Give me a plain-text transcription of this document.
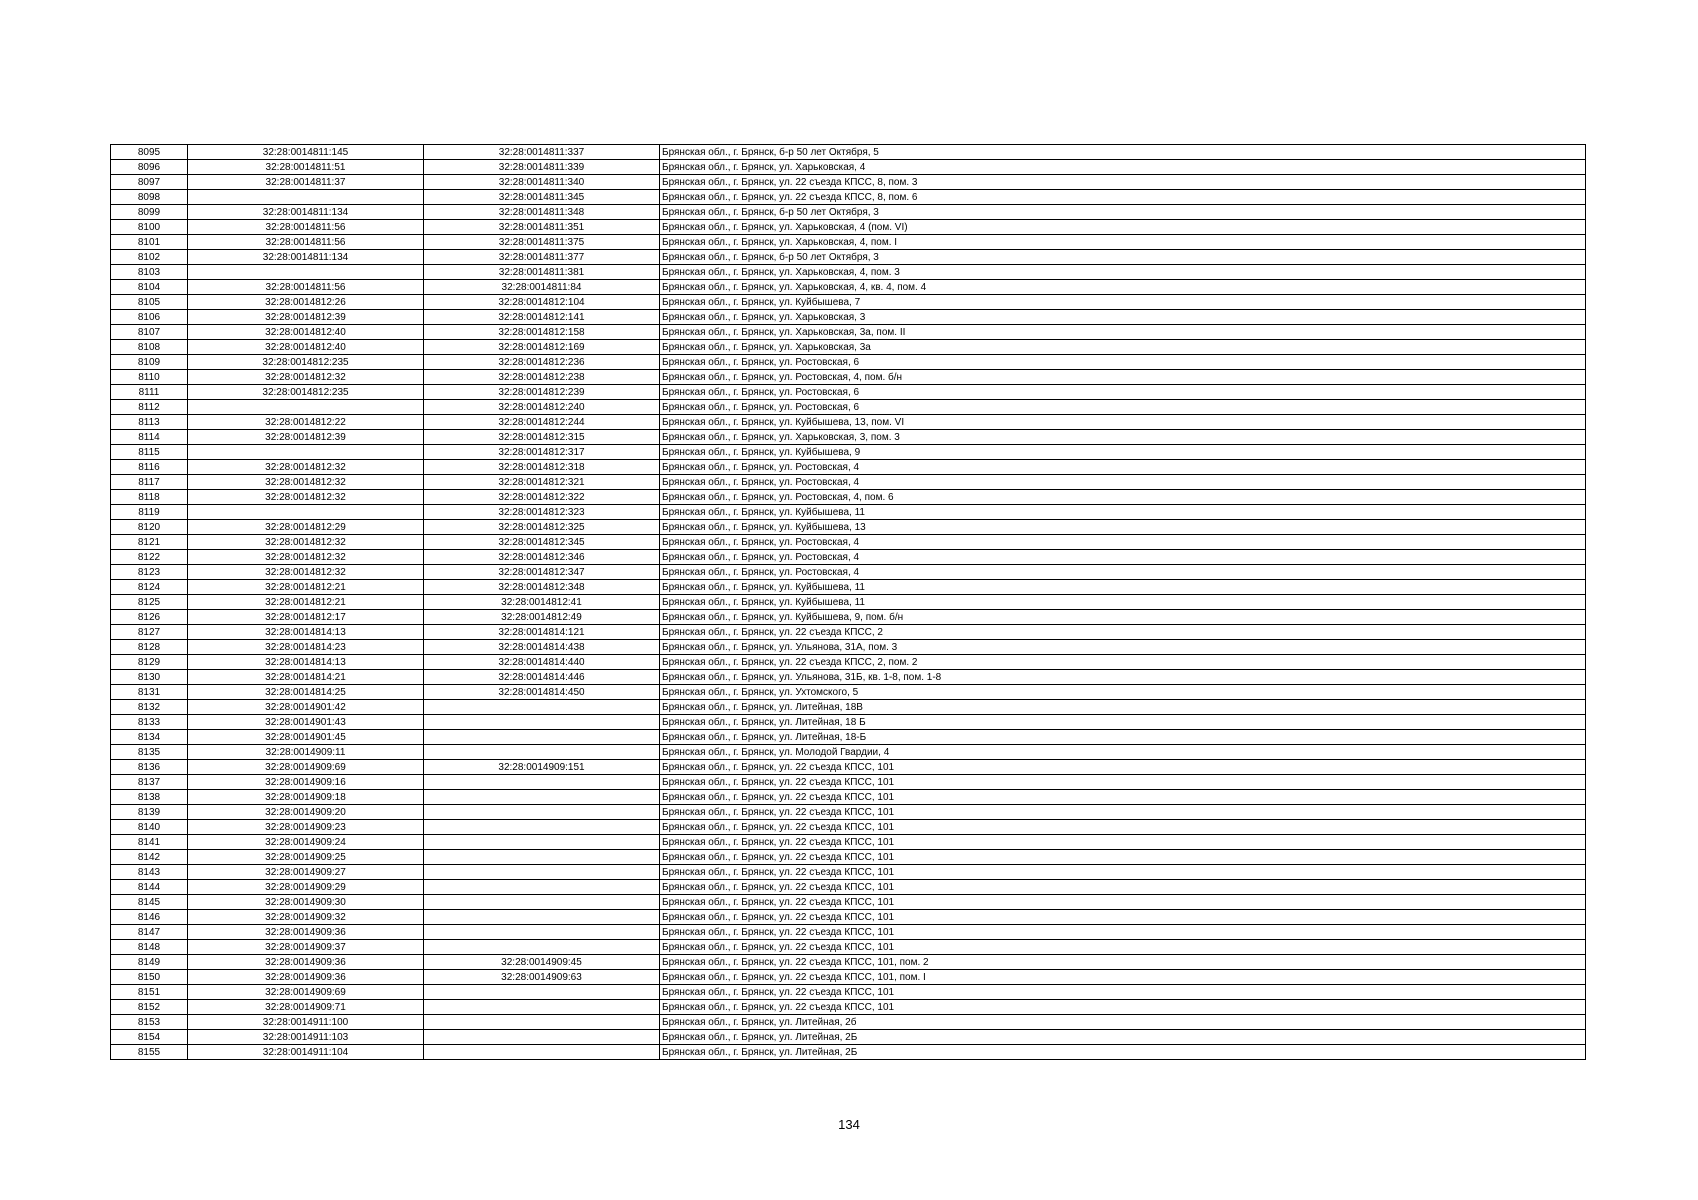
8095	32:28:0014811:145	32:28:0014811:337	Брянская обл., г. Брянск, б-р 50 лет Октября, 5
8096	32:28:0014811:51	32:28:0014811:339	Брянская обл., г. Брянск, ул. Харьковская, 4
8097	32:28:0014811:37	32:28:0014811:340	Брянская обл., г. Брянск, ул. 22 съезда КПСС, 8, пом. 3
8098		32:28:0014811:345	Брянская обл., г. Брянск, ул. 22 съезда КПСС, 8, пом. 6
8099	32:28:0014811:134	32:28:0014811:348	Брянская обл., г. Брянск, б-р 50 лет Октября, 3
8100	32:28:0014811:56	32:28:0014811:351	Брянская обл., г. Брянск, ул. Харьковская, 4 (пом. VI)
8101	32:28:0014811:56	32:28:0014811:375	Брянская обл., г. Брянск, ул. Харьковская, 4, пом. I
8102	32:28:0014811:134	32:28:0014811:377	Брянская обл., г. Брянск, б-р 50 лет Октября, 3
8103		32:28:0014811:381	Брянская обл., г. Брянск, ул. Харьковская, 4, пом. 3
8104	32:28:0014811:56	32:28:0014811:84	Брянская обл., г. Брянск, ул. Харьковская, 4, кв. 4, пом. 4
8105	32:28:0014812:26	32:28:0014812:104	Брянская обл., г. Брянск, ул. Куйбышева, 7
8106	32:28:0014812:39	32:28:0014812:141	Брянская обл., г. Брянск, ул. Харьковская, 3
8107	32:28:0014812:40	32:28:0014812:158	Брянская обл., г. Брянск, ул. Харьковская, 3а, пом. II
8108	32:28:0014812:40	32:28:0014812:169	Брянская обл., г. Брянск, ул. Харьковская, 3а
8109	32:28:0014812:235	32:28:0014812:236	Брянская обл., г. Брянск, ул. Ростовская, 6
8110	32:28:0014812:32	32:28:0014812:238	Брянская обл., г. Брянск, ул. Ростовская, 4, пом. б/н
8111	32:28:0014812:235	32:28:0014812:239	Брянская обл., г. Брянск, ул. Ростовская, 6
8112		32:28:0014812:240	Брянская обл., г. Брянск, ул. Ростовская, 6
8113	32:28:0014812:22	32:28:0014812:244	Брянская обл., г. Брянск, ул. Куйбышева, 13, пом. VI
8114	32:28:0014812:39	32:28:0014812:315	Брянская обл., г. Брянск, ул. Харьковская, 3, пом. 3
8115		32:28:0014812:317	Брянская обл., г. Брянск, ул. Куйбышева, 9
8116	32:28:0014812:32	32:28:0014812:318	Брянская обл., г. Брянск, ул. Ростовская, 4
8117	32:28:0014812:32	32:28:0014812:321	Брянская обл., г. Брянск, ул. Ростовская, 4
8118	32:28:0014812:32	32:28:0014812:322	Брянская обл., г. Брянск, ул. Ростовская, 4, пом. 6
8119		32:28:0014812:323	Брянская обл., г. Брянск, ул. Куйбышева, 11
8120	32:28:0014812:29	32:28:0014812:325	Брянская обл., г. Брянск, ул. Куйбышева, 13
8121	32:28:0014812:32	32:28:0014812:345	Брянская обл., г. Брянск, ул. Ростовская, 4
8122	32:28:0014812:32	32:28:0014812:346	Брянская обл., г. Брянск, ул. Ростовская, 4
8123	32:28:0014812:32	32:28:0014812:347	Брянская обл., г. Брянск, ул. Ростовская, 4
8124	32:28:0014812:21	32:28:0014812:348	Брянская обл., г. Брянск, ул. Куйбышева, 11
8125	32:28:0014812:21	32:28:0014812:41	Брянская обл., г. Брянск, ул. Куйбышева, 11
8126	32:28:0014812:17	32:28:0014812:49	Брянская обл., г. Брянск, ул. Куйбышева, 9, пом. б/н
8127	32:28:0014814:13	32:28:0014814:121	Брянская обл., г. Брянск, ул. 22 съезда КПСС, 2
8128	32:28:0014814:23	32:28:0014814:438	Брянская обл., г. Брянск, ул. Ульянова, 31А, пом. 3
8129	32:28:0014814:13	32:28:0014814:440	Брянская обл., г. Брянск, ул. 22 съезда КПСС, 2, пом. 2
8130	32:28:0014814:21	32:28:0014814:446	Брянская обл., г. Брянск, ул. Ульянова, 31Б, кв. 1-8, пом. 1-8
8131	32:28:0014814:25	32:28:0014814:450	Брянская обл., г. Брянск, ул. Ухтомского, 5
8132	32:28:0014901:42		Брянская обл., г. Брянск, ул. Литейная, 18В
8133	32:28:0014901:43		Брянская обл., г. Брянск, ул. Литейная, 18 Б
8134	32:28:0014901:45		Брянская обл., г. Брянск, ул. Литейная, 18-Б
8135	32:28:0014909:11		Брянская обл., г. Брянск, ул. Молодой Гвардии, 4
8136	32:28:0014909:69	32:28:0014909:151	Брянская обл., г. Брянск, ул. 22 съезда КПСС, 101
8137	32:28:0014909:16		Брянская обл., г. Брянск, ул. 22 съезда КПСС, 101
8138	32:28:0014909:18		Брянская обл., г. Брянск, ул. 22 съезда КПСС, 101
8139	32:28:0014909:20		Брянская обл., г. Брянск, ул. 22 съезда КПСС, 101
8140	32:28:0014909:23		Брянская обл., г. Брянск, ул. 22 съезда КПСС, 101
8141	32:28:0014909:24		Брянская обл., г. Брянск, ул. 22 съезда КПСС, 101
8142	32:28:0014909:25		Брянская обл., г. Брянск, ул. 22 съезда КПСС, 101
8143	32:28:0014909:27		Брянская обл., г. Брянск, ул. 22 съезда КПСС, 101
8144	32:28:0014909:29		Брянская обл., г. Брянск, ул. 22 съезда КПСС, 101
8145	32:28:0014909:30		Брянская обл., г. Брянск, ул. 22 съезда КПСС, 101
8146	32:28:0014909:32		Брянская обл., г. Брянск, ул. 22 съезда КПСС, 101
8147	32:28:0014909:36		Брянская обл., г. Брянск, ул. 22 съезда КПСС, 101
8148	32:28:0014909:37		Брянская обл., г. Брянск, ул. 22 съезда КПСС, 101
8149	32:28:0014909:36	32:28:0014909:45	Брянская обл., г. Брянск, ул. 22 съезда КПСС, 101, пом. 2
8150	32:28:0014909:36	32:28:0014909:63	Брянская обл., г. Брянск, ул. 22 съезда КПСС, 101, пом. I
8151	32:28:0014909:69		Брянская обл., г. Брянск, ул. 22 съезда КПСС, 101
8152	32:28:0014909:71		Брянская обл., г. Брянск, ул. 22 съезда КПСС, 101
8153	32:28:0014911:100		Брянская обл., г. Брянск, ул. Литейная, 2б
8154	32:28:0014911:103		Брянская обл., г. Брянск, ул. Литейная, 2Б
8155	32:28:0014911:104		Брянская обл., г. Брянск, ул. Литейная, 2Б
134
